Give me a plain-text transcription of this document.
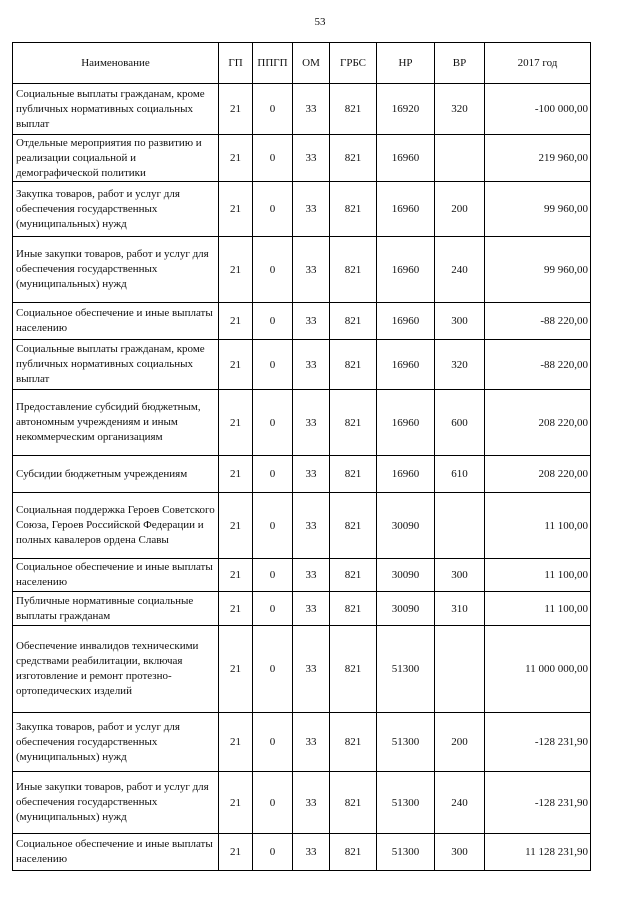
53
Наименование	ГП	ППГП	ОМ	ГРБС	НР	ВР	2017 год
Социальные выплаты гражданам, кроме публичных нормативных социальных выплат	21	0	33	821	16920	320	-100 000,00
Отдельные мероприятия по развитию и реализации социальной и демографической политики	21	0	33	821	16960		219 960,00
Закупка товаров, работ и услуг для обеспечения государственных (муниципальных) нужд	21	0	33	821	16960	200	99 960,00
Иные закупки товаров, работ и услуг для обеспечения государственных (муниципальных) нужд	21	0	33	821	16960	240	99 960,00
Социальное обеспечение и иные выплаты населению	21	0	33	821	16960	300	-88 220,00
Социальные выплаты гражданам, кроме публичных нормативных социальных выплат	21	0	33	821	16960	320	-88 220,00
Предоставление субсидий бюджетным, автономным учреждениям и иным некоммерческим организациям	21	0	33	821	16960	600	208 220,00
Субсидии бюджетным учреждениям	21	0	33	821	16960	610	208 220,00
Социальная поддержка Героев Советского Союза, Героев Российской Федерации и полных кавалеров ордена Славы	21	0	33	821	30090		11 100,00
Социальное обеспечение и иные выплаты населению	21	0	33	821	30090	300	11 100,00
Публичные нормативные социальные выплаты гражданам	21	0	33	821	30090	310	11 100,00
Обеспечение инвалидов техническими средствами реабилитации, включая изготовление и ремонт протезно-ортопедических изделий	21	0	33	821	51300		11 000 000,00
Закупка товаров, работ и услуг для обеспечения государственных (муниципальных) нужд	21	0	33	821	51300	200	-128 231,90
Иные закупки товаров, работ и услуг для обеспечения государственных (муниципальных) нужд	21	0	33	821	51300	240	-128 231,90
Социальное обеспечение и иные выплаты населению	21	0	33	821	51300	300	11 128 231,90
